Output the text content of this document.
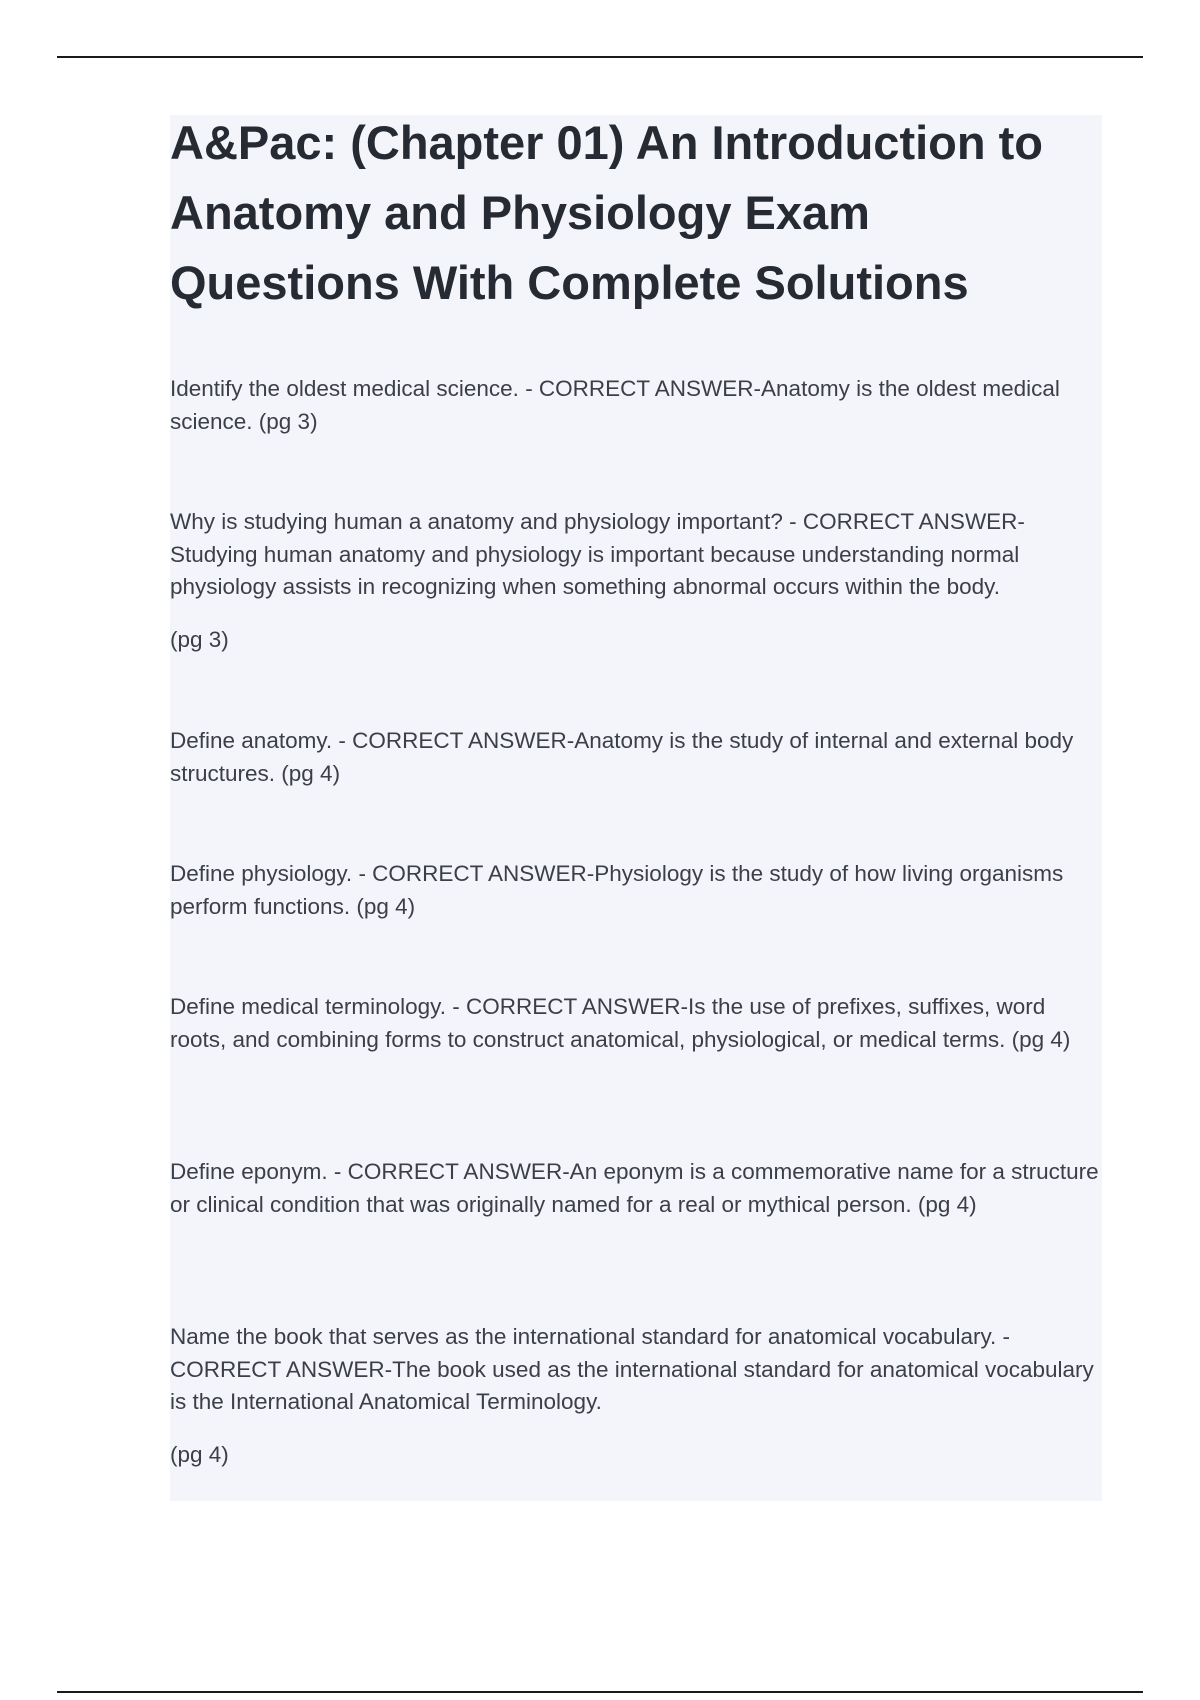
A&Pac: (Chapter 01) An Introduction to Anatomy and Physiology Exam Questions With Complete Solutions

Identify the oldest medical science. - CORRECT ANSWER-Anatomy is the oldest medical science. (pg 3)

Why is studying human a anatomy and physiology important? - CORRECT ANSWER-Studying human anatomy and physiology is important because understanding normal physiology assists in recognizing when something abnormal occurs within the body.

(pg 3)

Define anatomy. - CORRECT ANSWER-Anatomy is the study of internal and external body structures. (pg 4)

Define physiology. - CORRECT ANSWER-Physiology is the study of how living organisms perform functions. (pg 4)

Define medical terminology. - CORRECT ANSWER-Is the use of prefixes, suffixes, word roots, and combining forms to construct anatomical, physiological, or medical terms. (pg 4)

Define eponym. - CORRECT ANSWER-An eponym is a commemorative name for a structure or clinical condition that was originally named for a real or mythical person. (pg 4)

Name the book that serves as the international standard for anatomical vocabulary. - CORRECT ANSWER-The book used as the international standard for anatomical vocabulary is the International Anatomical Terminology.

(pg 4)
